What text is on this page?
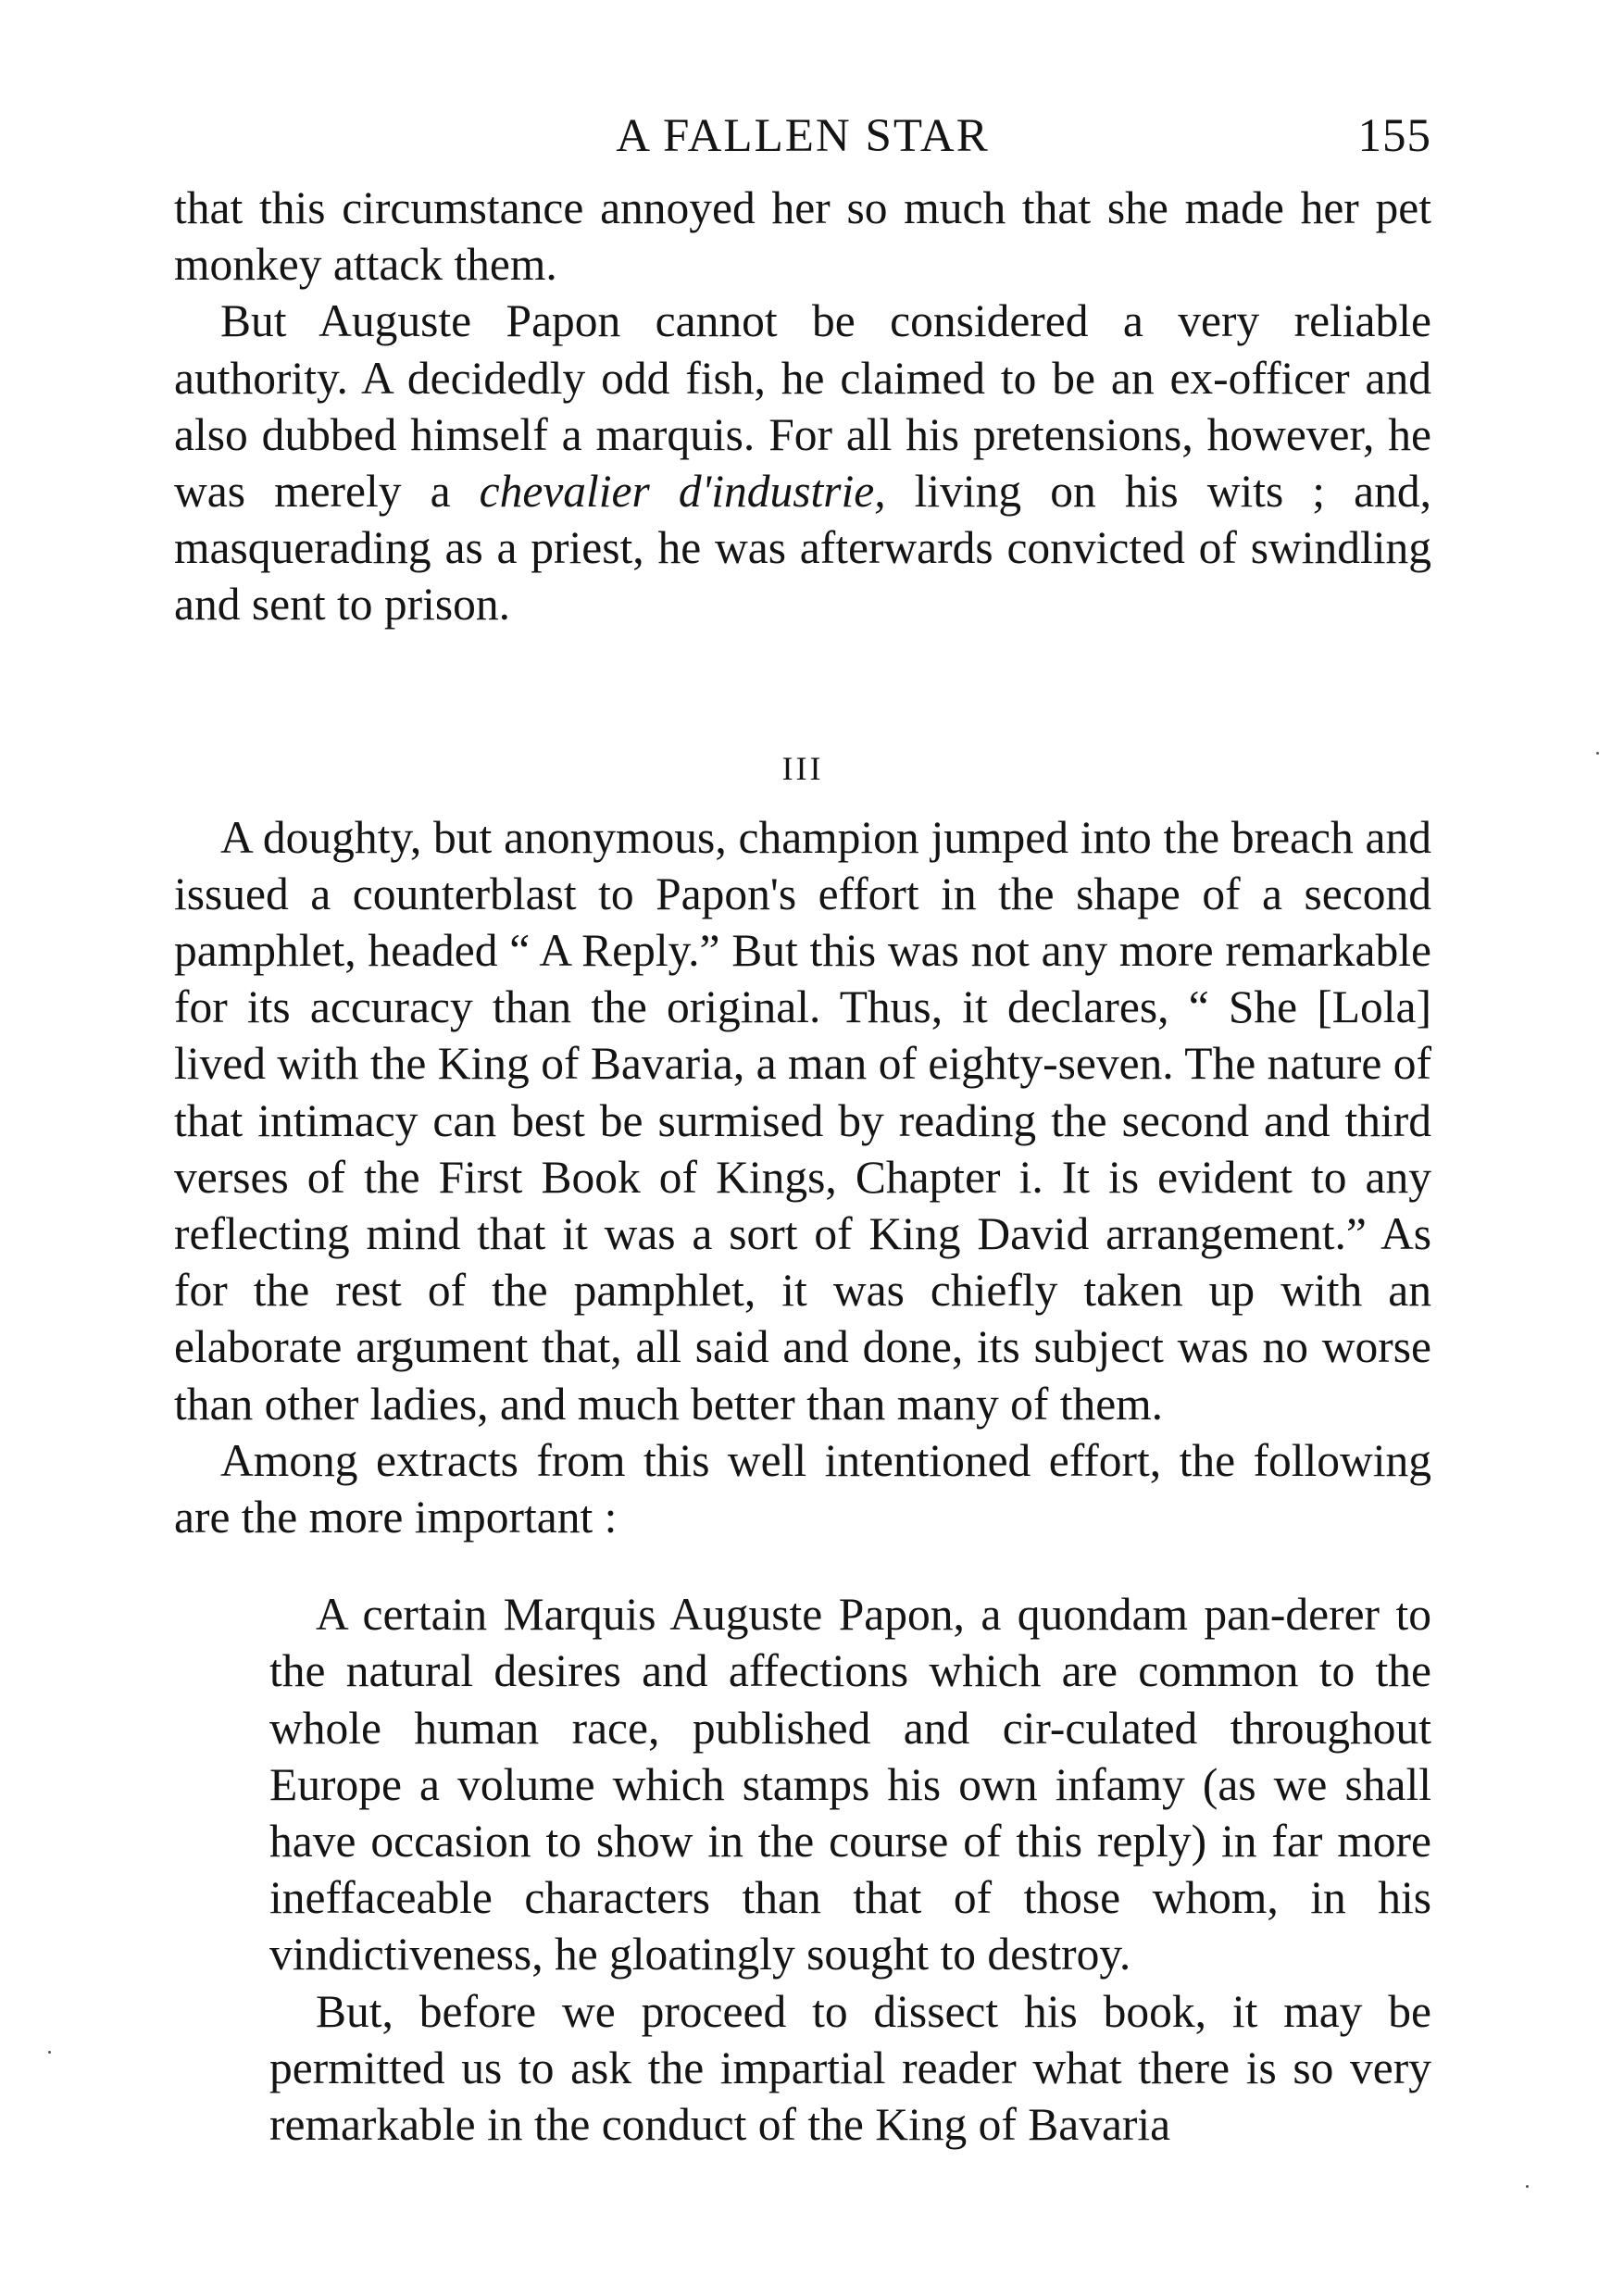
A FALLEN STAR	155

that this circumstance annoyed her so much that she made her pet monkey attack them.

But Auguste Papon cannot be considered a very reliable authority. A decidedly odd fish, he claimed to be an ex-officer and also dubbed himself a marquis. For all his pretensions, however, he was merely a chevalier d'industrie, living on his wits ; and, masquerading as a priest, he was afterwards convicted of swindling and sent to prison.

III

A doughty, but anonymous, champion jumped into the breach and issued a counterblast to Papon's effort in the shape of a second pamphlet, headed “ A Reply.” But this was not any more remarkable for its accuracy than the original. Thus, it declares, “ She [Lola] lived with the King of Bavaria, a man of eighty-seven. The nature of that intimacy can best be surmised by reading the second and third verses of the First Book of Kings, Chapter i. It is evident to any reflecting mind that it was a sort of King David arrangement.” As for the rest of the pamphlet, it was chiefly taken up with an elaborate argument that, all said and done, its subject was no worse than other ladies, and much better than many of them.

Among extracts from this well intentioned effort, the following are the more important :

A certain Marquis Auguste Papon, a quondam pan-derer to the natural desires and affections which are common to the whole human race, published and cir-culated throughout Europe a volume which stamps his own infamy (as we shall have occasion to show in the course of this reply) in far more ineffaceable characters than that of those whom, in his vindictiveness, he gloatingly sought to destroy.

But, before we proceed to dissect his book, it may be permitted us to ask the impartial reader what there is so very remarkable in the conduct of the King of Bavaria
